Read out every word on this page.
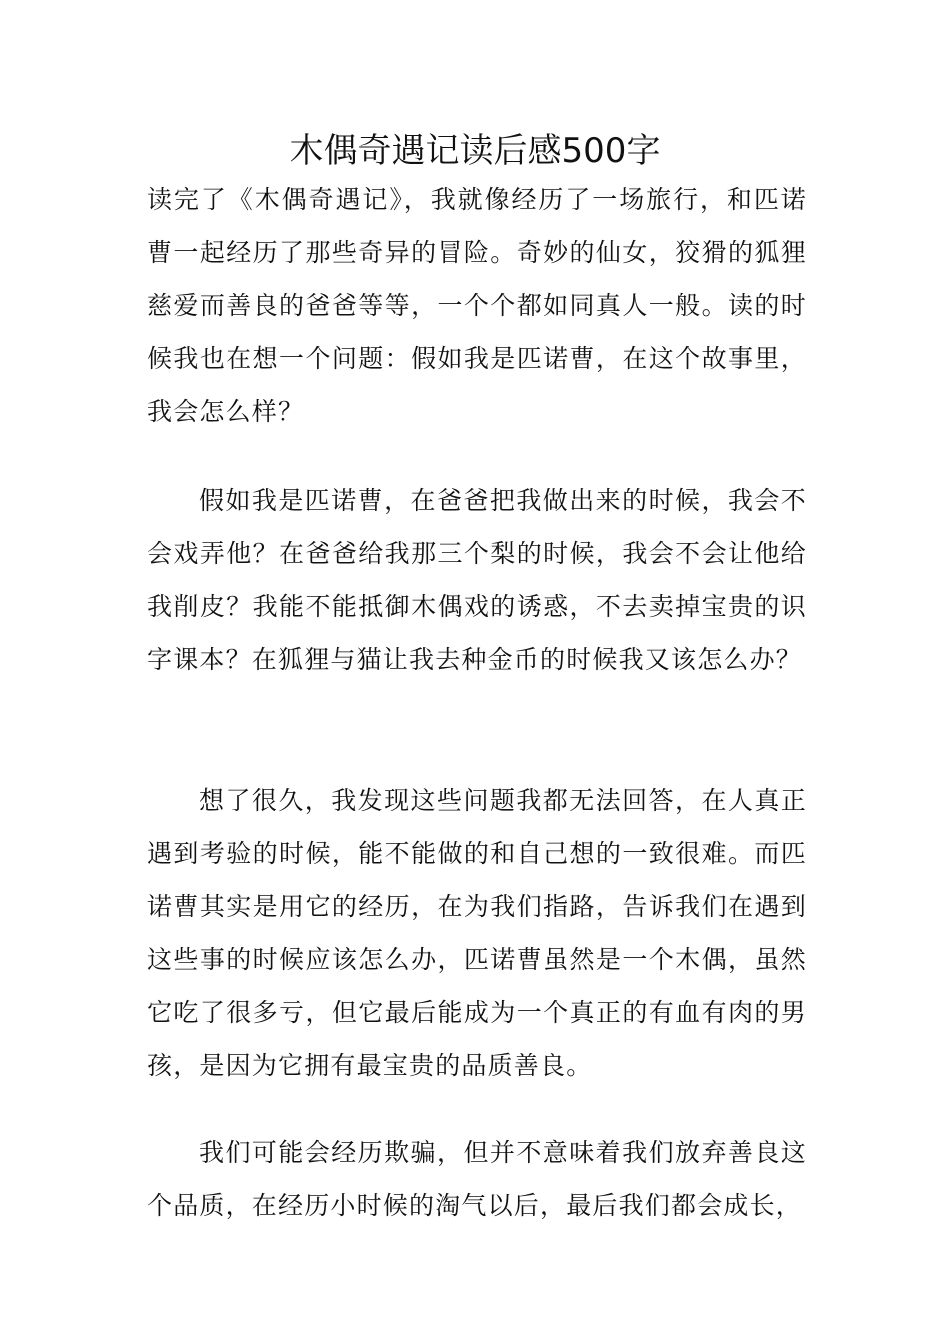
木偶奇遇记读后感500字

读完了《木偶奇遇记》，我就像经历了一场旅行，和匹诺曹一起经历了那些奇异的冒险。奇妙的仙女，狡猾的狐狸慈爱而善良的爸爸等等，一个个都如同真人一般。读的时候我也在想一个问题：假如我是匹诺曹，在这个故事里，我会怎么样？

假如我是匹诺曹，在爸爸把我做出来的时候，我会不会戏弄他？在爸爸给我那三个梨的时候，我会不会让他给我削皮？我能不能抵御木偶戏的诱惑，不去卖掉宝贵的识字课本？在狐狸与猫让我去种金币的时候我又该怎么办？

想了很久，我发现这些问题我都无法回答，在人真正遇到考验的时候，能不能做的和自己想的一致很难。而匹诺曹其实是用它的经历，在为我们指路，告诉我们在遇到这些事的时候应该怎么办，匹诺曹虽然是一个木偶，虽然它吃了很多亏，但它最后能成为一个真正的有血有肉的男孩，是因为它拥有最宝贵的品质善良。

我们可能会经历欺骗，但并不意味着我们放弃善良这个品质，在经历小时候的淘气以后，最后我们都会成长，
